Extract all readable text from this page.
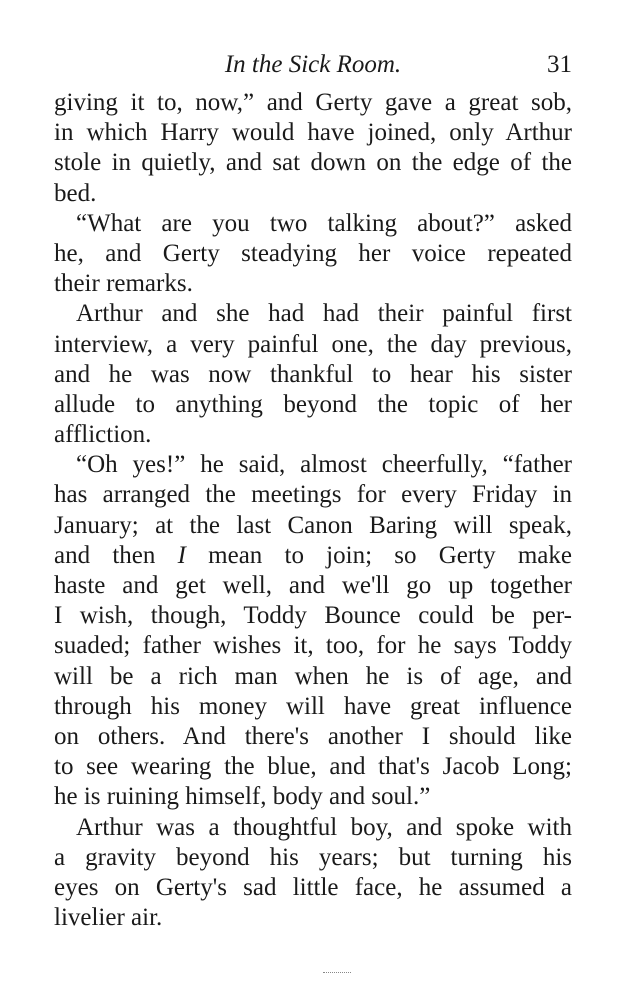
In the Sick Room.	31
giving it to, now,” and Gerty gave a great sob,
in which Harry would have joined, only Arthur
stole in quietly, and sat down on the edge of the
bed.
“What are you two talking about?” asked
he, and Gerty steadying her voice repeated
their remarks.
Arthur and she had had their painful first
interview, a very painful one, the day previous,
and he was now thankful to hear his sister
allude to anything beyond the topic of her
affliction.
“Oh yes!” he said, almost cheerfully, “father
has arranged the meetings for every Friday in
January; at the last Canon Baring will speak,
and then I mean to join; so Gerty make
haste and get well, and we'll go up together
I wish, though, Toddy Bounce could be per-
suaded; father wishes it, too, for he says Toddy
will be a rich man when he is of age, and
through his money will have great influence
on others. And there's another I should like
to see wearing the blue, and that's Jacob Long;
he is ruining himself, body and soul.”
Arthur was a thoughtful boy, and spoke with
a gravity beyond his years; but turning his
eyes on Gerty's sad little face, he assumed a
livelier air.
